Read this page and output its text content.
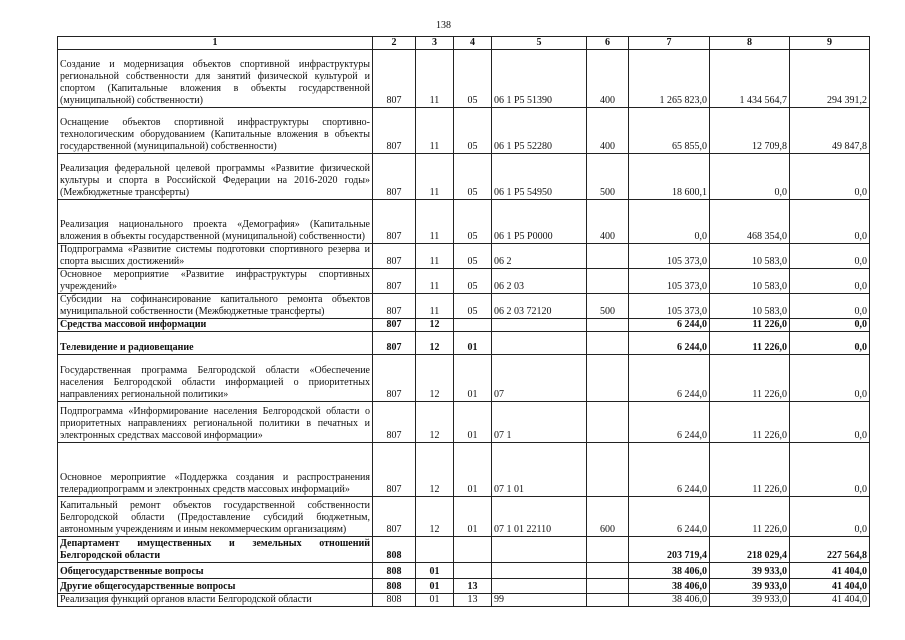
138
1	2	3	4	5	6	7	8	9
Создание и модернизация объектов спортивной инфраструктуры региональной собственности для занятий физической культурой и спортом (Капитальные вложения в объекты государственной (муниципальной) собственности)	807	11	05	06 1 P5 51390	400	1 265 823,0	1 434 564,7	294 391,2
Оснащение объектов спортивной инфраструктуры спортивно-технологическим оборудованием (Капитальные вложения в объекты государственной (муниципальной) собственности)	807	11	05	06 1 P5 52280	400	65 855,0	12 709,8	49 847,8
Реализация федеральной целевой программы «Развитие физической культуры и спорта в Российской Федерации на 2016-2020 годы» (Межбюджетные трансферты)	807	11	05	06 1 P5 54950	500	18 600,1	0,0	0,0
Реализация национального проекта «Демография» (Капитальные вложения в объекты государственной (муниципальной) собственности)	807	11	05	06 1 P5 P0000	400	0,0	468 354,0	0,0
Подпрограмма «Развитие системы подготовки спортивного резерва и спорта высших достижений»	807	11	05	06 2		105 373,0	10 583,0	0,0
Основное мероприятие «Развитие инфраструктуры спортивных учреждений»	807	11	05	06 2 03		105 373,0	10 583,0	0,0
Субсидии на софинансирование капитального ремонта объектов муниципальной собственности (Межбюджетные трансферты)	807	11	05	06 2 03 72120	500	105 373,0	10 583,0	0,0
Средства массовой информации	807	12				6 244,0	11 226,0	0,0
Телевидение и радиовещание	807	12	01			6 244,0	11 226,0	0,0
Государственная программа Белгородской области «Обеспечение населения Белгородской области информацией о приоритетных направлениях региональной политики»	807	12	01	07		6 244,0	11 226,0	0,0
Подпрограмма «Информирование населения Белгородской области о приоритетных направлениях региональной политики в печатных и электронных средствах массовой информации»	807	12	01	07 1		6 244,0	11 226,0	0,0
Основное мероприятие «Поддержка создания и распространения телерадиопрограмм и электронных средств массовых информаций»	807	12	01	07 1 01		6 244,0	11 226,0	0,0
Капитальный ремонт объектов государственной собственности Белгородской области (Предоставление субсидий бюджетным, автономным учреждениям и иным некоммерческим организациям)	807	12	01	07 1 01 22110	600	6 244,0	11 226,0	0,0
Департамент имущественных и земельных отношений Белгородской области	808					203 719,4	218 029,4	227 564,8
Общегосударственные вопросы	808	01				38 406,0	39 933,0	41 404,0
Другие общегосударственные вопросы	808	01	13			38 406,0	39 933,0	41 404,0
Реализация функций органов власти Белгородской области	808	01	13	99		38 406,0	39 933,0	41 404,0
